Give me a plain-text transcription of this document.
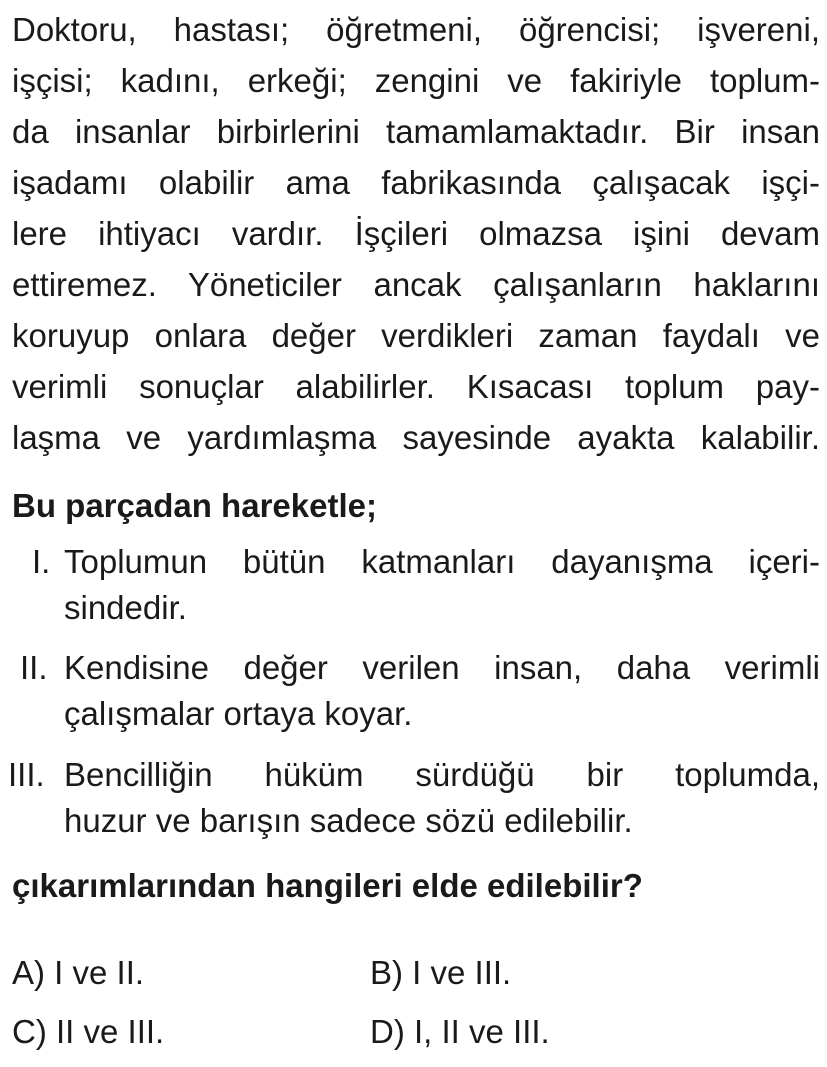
Doktoru, hastası; öğretmeni, öğrencisi; işvereni,
işçisi; kadını, erkeği; zengini ve fakiriyle toplum-
da insanlar birbirlerini tamamlamaktadır. Bir insan
işadamı olabilir ama fabrikasında çalışacak işçi-
lere ihtiyacı vardır. İşçileri olmazsa işini devam
ettiremez. Yöneticiler ancak çalışanların haklarını
koruyup onlara değer verdikleri zaman faydalı ve
verimli sonuçlar alabilirler. Kısacası toplum pay-
laşma ve yardımlaşma sayesinde ayakta kalabilir.
Bu parçadan hareketle;
I. Toplumun bütün katmanları dayanışma içeri-
sindedir.
II. Kendisine değer verilen insan, daha verimli
çalışmalar ortaya koyar.
III. Bencilliğin hüküm sürdüğü bir toplumda,
huzur ve barışın sadece sözü edilebilir.
çıkarımlarından hangileri elde edilebilir?
A) I ve II.	B) I ve III.
C) II ve III.	D) I, II ve III.
